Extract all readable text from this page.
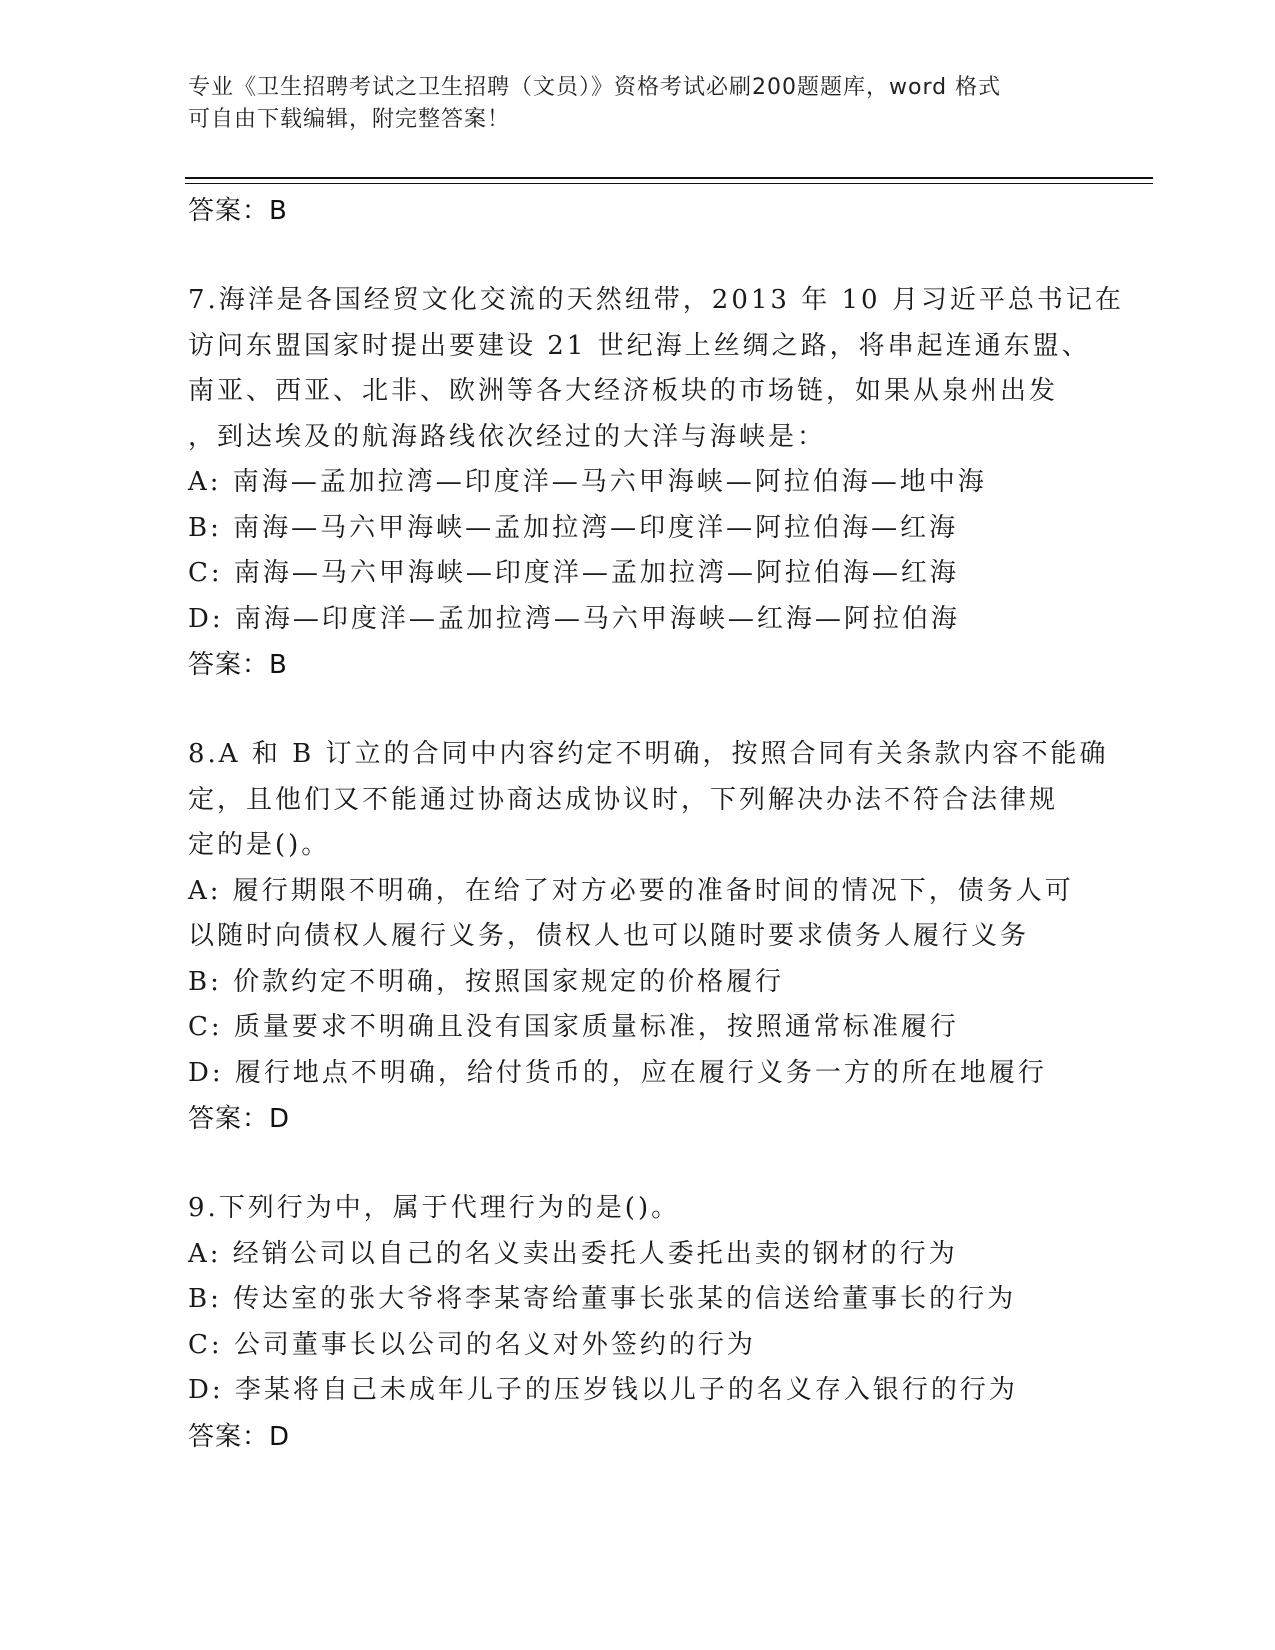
专业《卫生招聘考试之卫生招聘（文员）》资格考试必刷200题题库，word 格式
可自由下载编辑，附完整答案！
答案：B
7.海洋是各国经贸文化交流的天然纽带，2013 年 10 月习近平总书记在
访问东盟国家时提出要建设 21 世纪海上丝绸之路，将串起连通东盟、
南亚、西亚、北非、欧洲等各大经济板块的市场链，如果从泉州出发
，到达埃及的航海路线依次经过的大洋与海峡是：
A: 南海—孟加拉湾—印度洋—马六甲海峡—阿拉伯海—地中海
B: 南海—马六甲海峡—孟加拉湾—印度洋—阿拉伯海—红海
C: 南海—马六甲海峡—印度洋—孟加拉湾—阿拉伯海—红海
D: 南海—印度洋—孟加拉湾—马六甲海峡—红海—阿拉伯海
答案：B
8.A 和 B 订立的合同中内容约定不明确，按照合同有关条款内容不能确
定，且他们又不能通过协商达成协议时，下列解决办法不符合法律规
定的是()。
A: 履行期限不明确，在给了对方必要的准备时间的情况下，债务人可
以随时向债权人履行义务，债权人也可以随时要求债务人履行义务
B: 价款约定不明确，按照国家规定的价格履行
C: 质量要求不明确且没有国家质量标准，按照通常标准履行
D: 履行地点不明确，给付货币的，应在履行义务一方的所在地履行
答案：D
9.下列行为中，属于代理行为的是()。
A: 经销公司以自己的名义卖出委托人委托出卖的钢材的行为
B: 传达室的张大爷将李某寄给董事长张某的信送给董事长的行为
C: 公司董事长以公司的名义对外签约的行为
D: 李某将自己未成年儿子的压岁钱以儿子的名义存入银行的行为
答案：D
